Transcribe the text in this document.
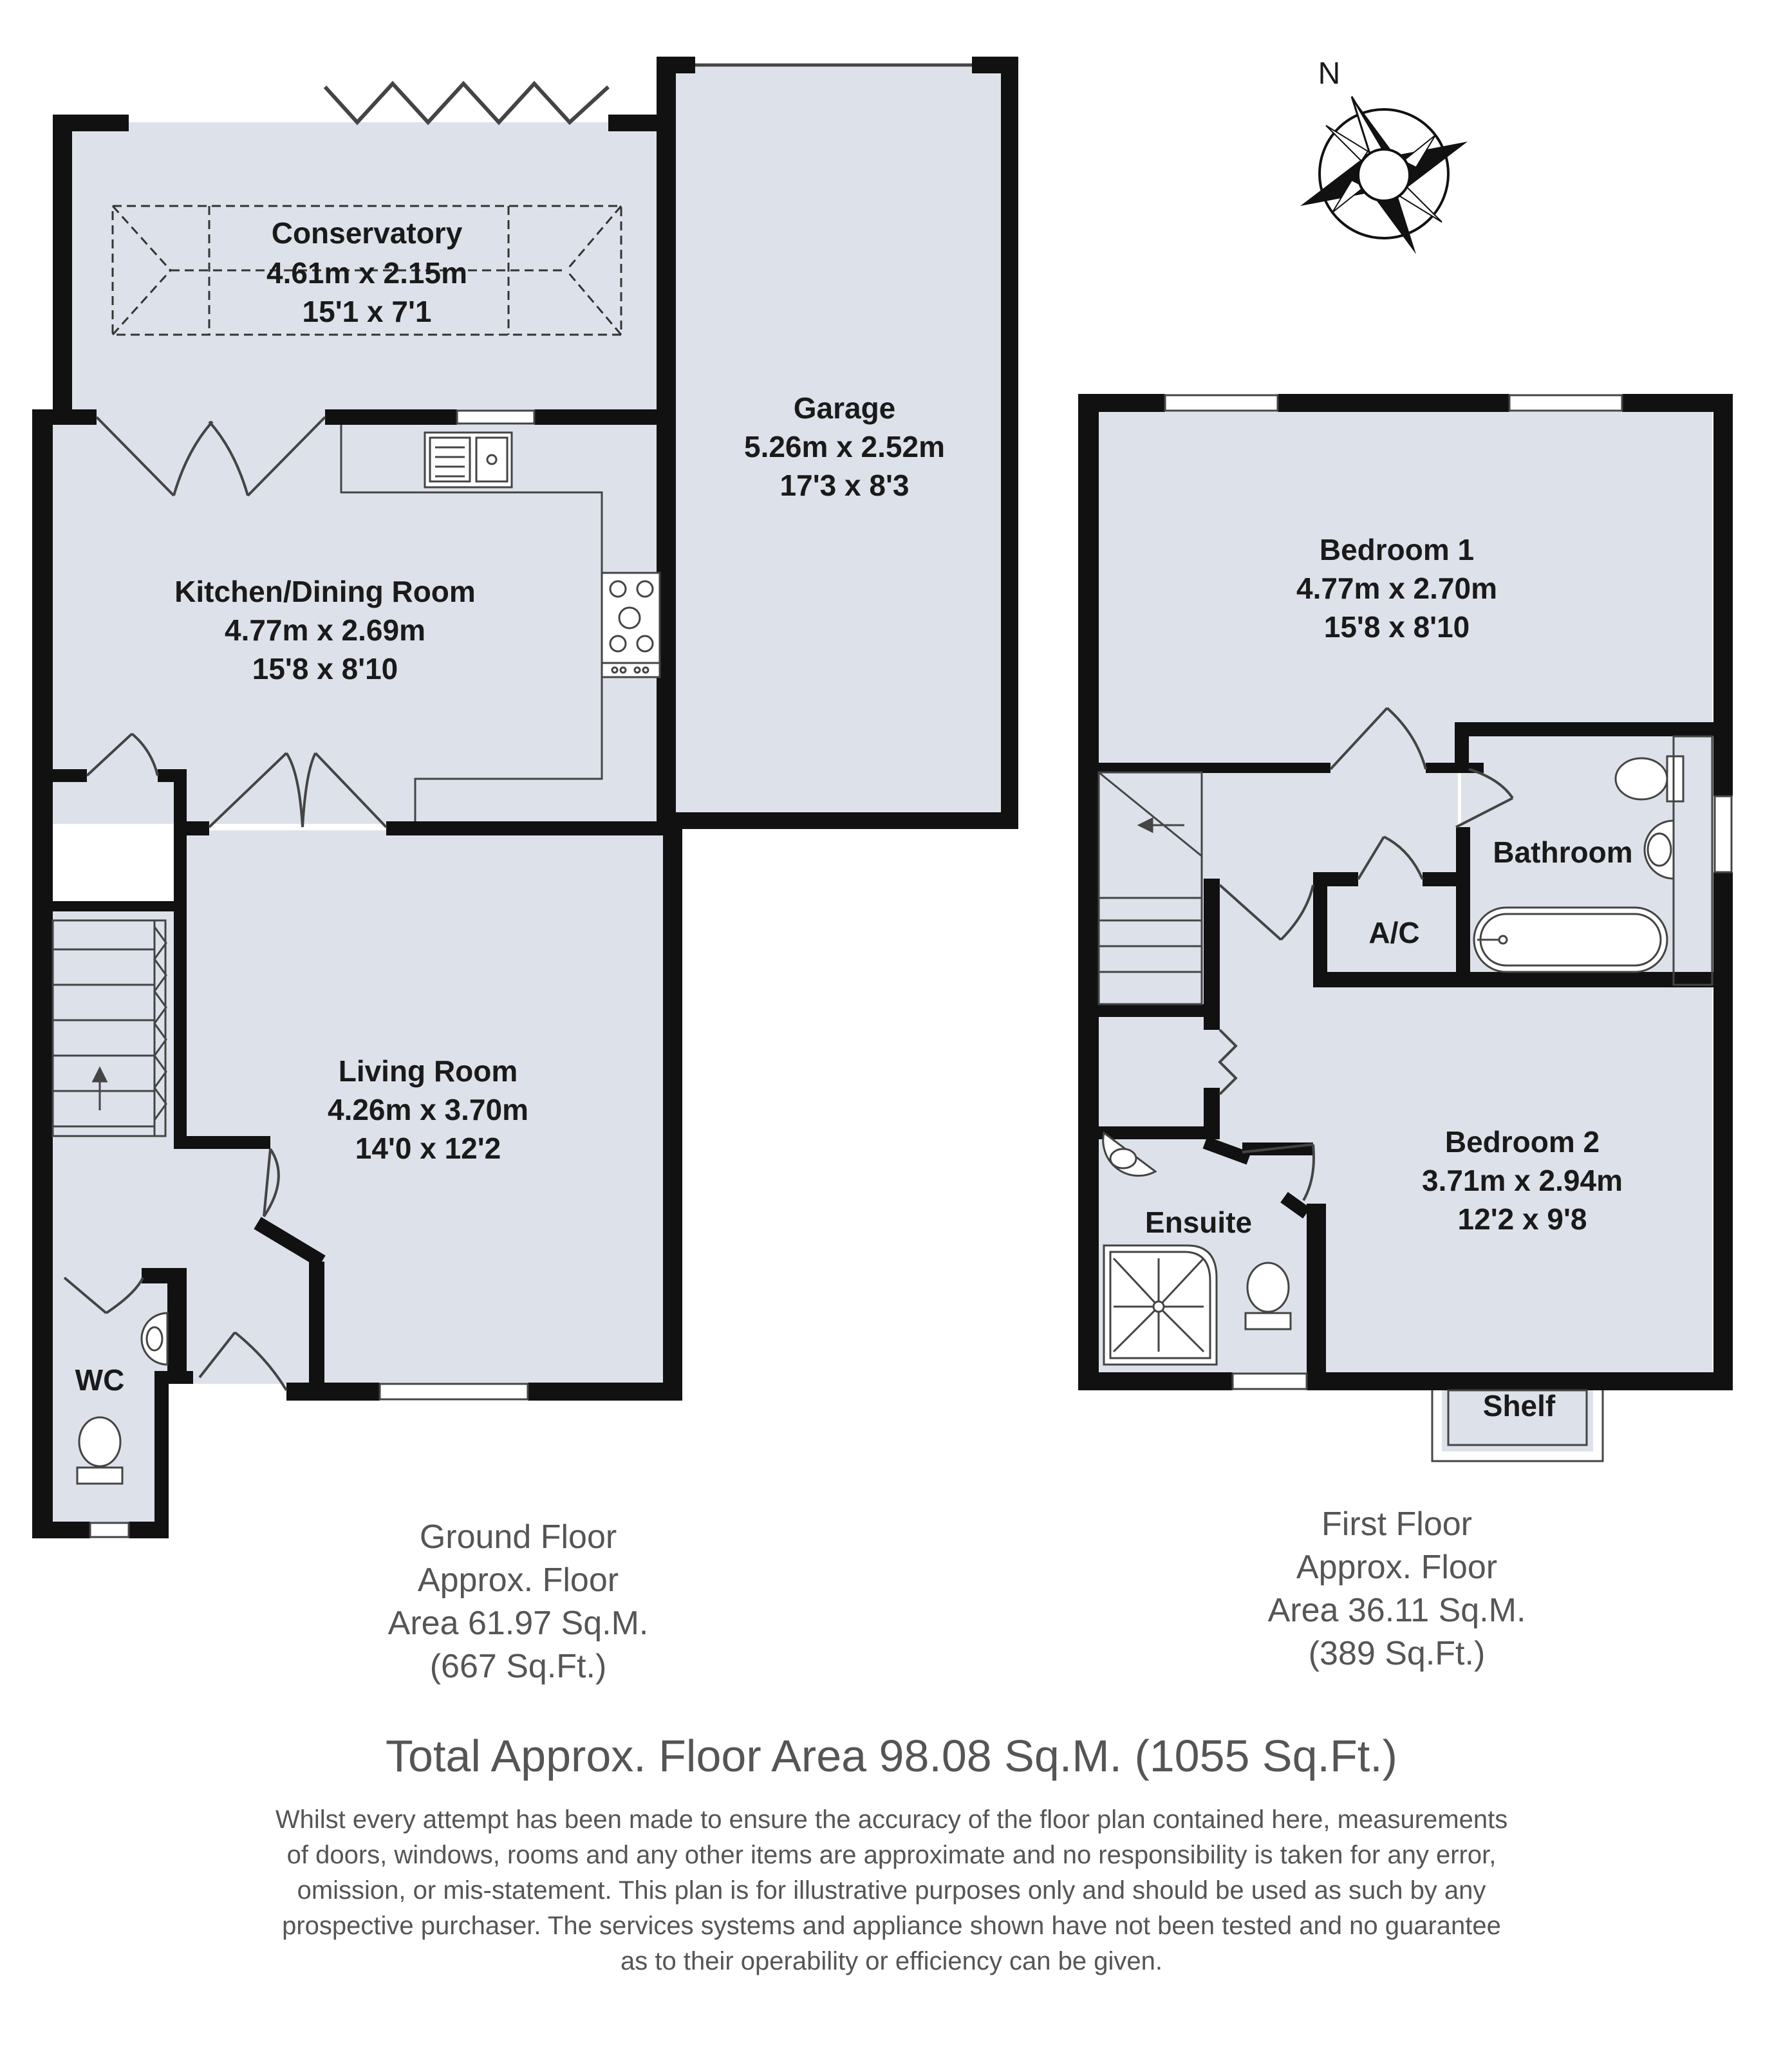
N
Conservatory
4.61m x 2.15m
15'1 x 7'1
Garage
5.26m x 2.52m
17'3 x 8'3
Kitchen/Dining Room
4.77m x 2.69m
15'8 x 8'10
Living Room
4.26m x 3.70m
14'0 x 12'2
WC
Bedroom 1
4.77m x 2.70m
15'8 x 8'10
Bathroom
A/C
Bedroom 2
3.71m x 2.94m
12'2 x 9'8
Ensuite
Shelf
Ground Floor
Approx. Floor
Area 61.97 Sq.M.
(667 Sq.Ft.)
First Floor
Approx. Floor
Area 36.11 Sq.M.
(389 Sq.Ft.)
Total Approx. Floor Area 98.08 Sq.M. (1055 Sq.Ft.)
Whilst every attempt has been made to ensure the accuracy of the floor plan contained here, measurements
of doors, windows, rooms and any other items are approximate and no responsibility is taken for any error,
omission, or mis-statement. This plan is for illustrative purposes only and should be used as such by any
prospective purchaser. The services systems and appliance shown have not been tested and no guarantee
as to their operability or efficiency can be given.
